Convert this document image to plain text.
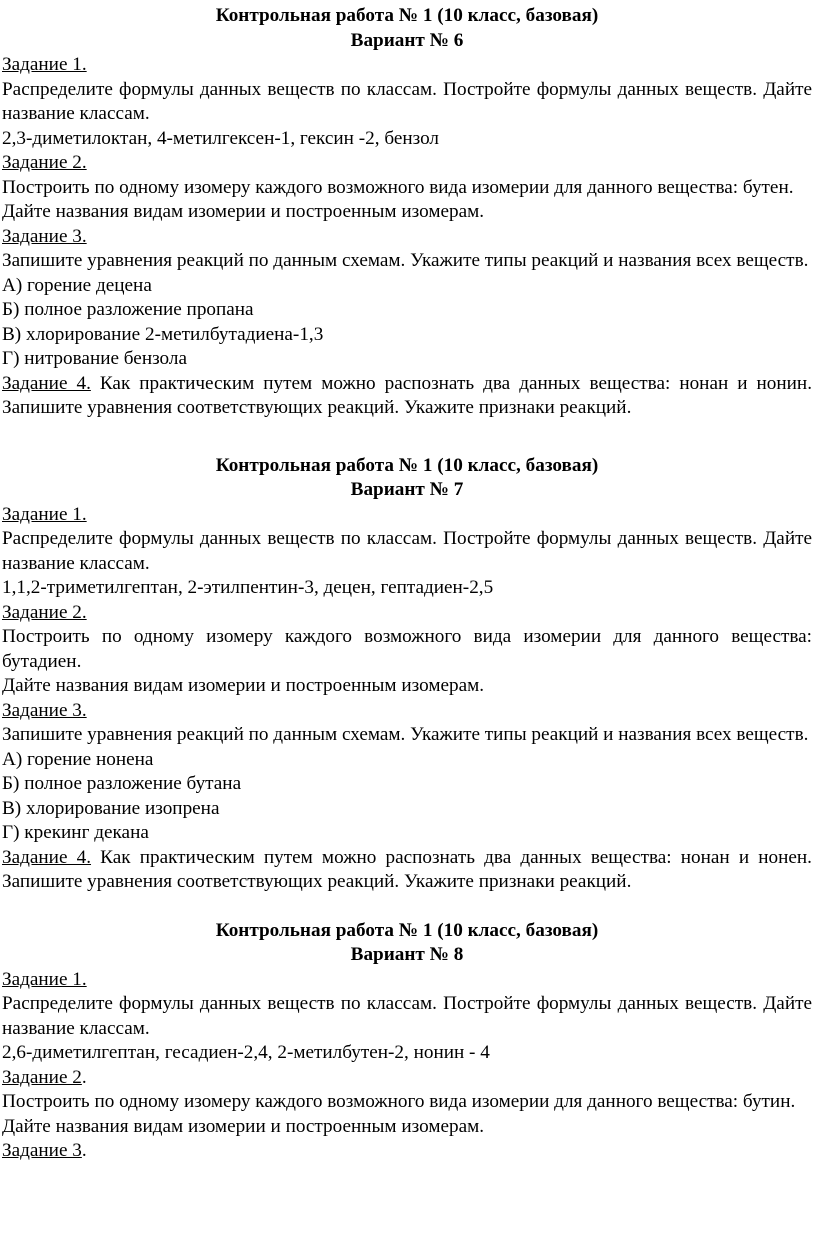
Контрольная работа № 1 (10 класс, базовая)

Вариант № 6

Задание 1.

Распределите формулы данных веществ по классам. Постройте формулы данных веществ. Дайте название классам.

2,3-диметилоктан, 4-метилгексен-1, гексин -2, бензол

Задание 2.

Построить по одному изомеру каждого возможного вида изомерии для данного вещества: бутен.

Дайте названия видам изомерии и построенным изомерам.

Задание 3.

Запишите уравнения реакций по данным схемам. Укажите типы реакций и названия всех веществ.

А) горение децена

Б) полное разложение пропана

В) хлорирование 2-метилбутадиена-1,3

Г) нитрование бензола

Задание 4. Как практическим путем можно распознать два данных вещества: нонан и нонин. Запишите уравнения соответствующих реакций. Укажите признаки реакций.

Контрольная работа № 1 (10 класс, базовая)

Вариант № 7

Задание 1.

Распределите формулы данных веществ по классам. Постройте формулы данных веществ. Дайте название классам.

1,1,2-триметилгептан, 2-этилпентин-3, децен, гептадиен-2,5

Задание 2.

Построить по одному изомеру каждого возможного вида изомерии для данного вещества: бутадиен.

Дайте названия видам изомерии и построенным изомерам.

Задание 3.

Запишите уравнения реакций по данным схемам. Укажите типы реакций и названия всех веществ.

А) горение нонена

Б) полное разложение бутана

В) хлорирование изопрена

Г) крекинг декана

Задание 4. Как практическим путем можно распознать два данных вещества: нонан и нонен. Запишите уравнения соответствующих реакций. Укажите признаки реакций.

Контрольная работа № 1 (10 класс, базовая)

Вариант № 8

Задание 1.

Распределите формулы данных веществ по классам. Постройте формулы данных веществ. Дайте название классам.

2,6-диметилгептан, гесадиен-2,4, 2-метилбутен-2, нонин - 4

Задание 2.

Построить по одному изомеру каждого возможного вида изомерии для данного вещества: бутин.

Дайте названия видам изомерии и построенным изомерам.

Задание 3.
